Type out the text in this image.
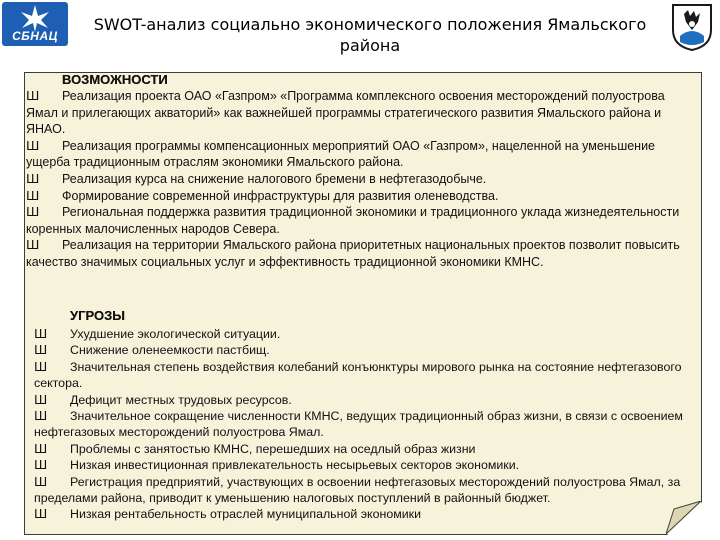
СБНАЦ
SWOT-анализ социально экономического положения Ямальского
района
ВОЗМОЖНОСТИ
Ш Реализация проекта ОАО «Газпром» «Программа комплексного освоения месторождений полуострова Ямал и прилегающих акваторий» как важнейшей программы стратегического развития Ямальского района и ЯНАО.
Ш Реализация программы компенсационных мероприятий ОАО «Газпром», нацеленной на уменьшение ущерба традиционным отраслям экономики Ямальского района.
Ш Реализация курса на снижение налогового бремени в нефтегазодобыче.
Ш Формирование современной инфраструктуры для развития оленеводства.
Ш Региональная поддержка развития традиционной экономики и традиционного уклада жизнедеятельности коренных малочисленных народов Севера.
Ш Реализация на территории Ямальского района приоритетных национальных проектов позволит повысить качество значимых социальных услуг и эффективность традиционной экономики КМНС.
УГРОЗЫ
Ш Ухудшение экологической ситуации.
Ш Снижение оленеемкости пастбищ.
Ш Значительная степень воздействия колебаний конъюнктуры мирового рынка на состояние нефтегазового сектора.
Ш Дефицит местных трудовых ресурсов.
Ш Значительное сокращение численности КМНС, ведущих традиционный образ жизни, в связи с освоением нефтегазовых месторождений полуострова Ямал.
Ш Проблемы с занятостью КМНС, перешедших на оседлый образ жизни
Ш Низкая инвестиционная привлекательность несырьевых секторов экономики.
Ш Регистрация предприятий, участвующих в освоении нефтегазовых месторождений полуострова Ямал, за пределами района, приводит к уменьшению налоговых поступлений в районный бюджет.
Ш Низкая рентабельность отраслей муниципальной экономики
